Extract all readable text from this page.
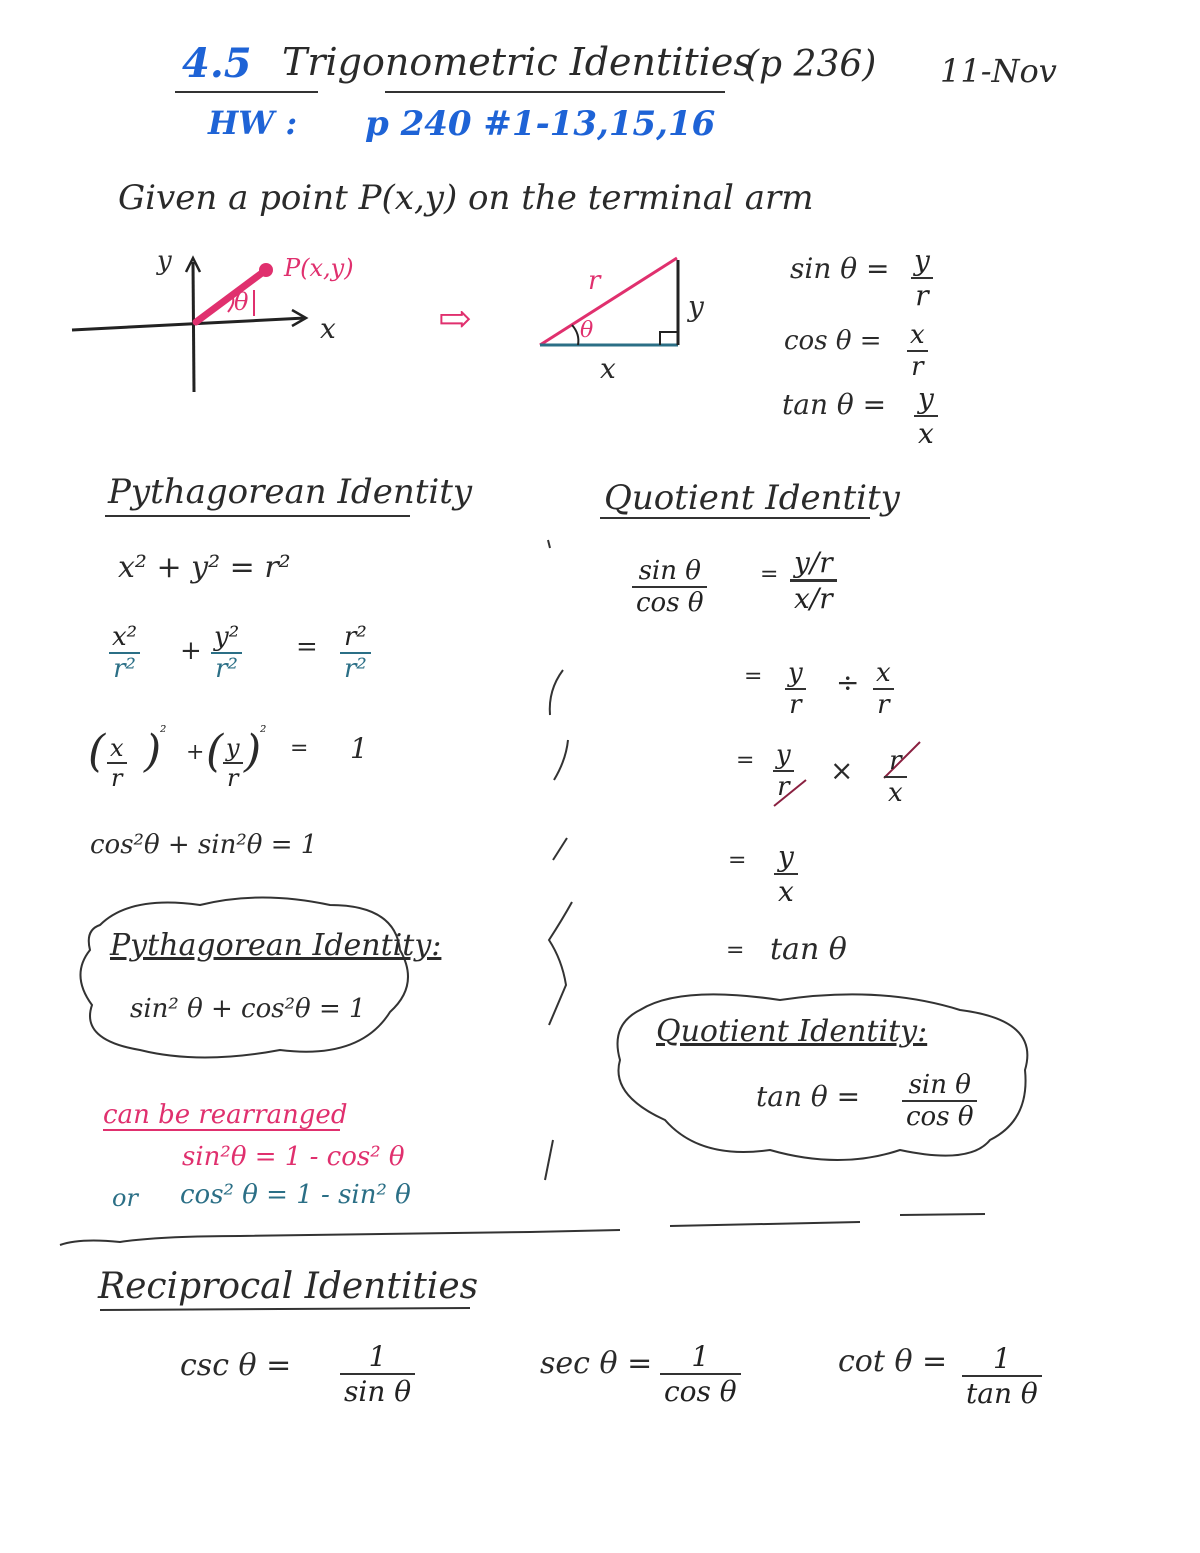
4.5 Trigonometric Identities
(p 236) 11-Nov
HW : p 240 #1-13,15,16
Given a point P(x,y) on the terminal arm
y
x
P(x,y)
θ	⇨
r
y
x
θ
$\sin \theta = \frac{y}{r}$
$\cos \theta = \frac{x}{r}$
$\tan \theta = \frac{y}{x}$
Pythagorean Identity
x² + y² = r²
$\frac{\text{x²}}{\text{r²}} + \frac{\text{y²}}{\text{r²}} = \frac{\text{r²}}{\text{r²}}$
( $\frac{x}{r}$ )
²
+ (
$\frac{y}{r}$ )
²
= 1
cos²θ + sin²θ = 1
Pythagorean Identity:
sin² θ + cos²θ = 1
can be rearranged
sin²θ = 1 - cos² θ
or cos² θ = 1 - sin² θ
Quotient Identity
$\frac{\text{sin θ}}{\text{cos θ}} = \frac{y/r}{x/r}$
= $\frac{y}{r} \div \frac{x}{r}$
= $\frac{y}{r} \times \frac{r}{x}$
= $\frac{y}{x}$
= tan θ
Quotient Identity:
$\tan \theta = \frac{\text{sin θ}}{\text{cos θ}}$
Reciprocal Identities
$\csc \theta = \frac{1}{\text{sin θ}}$	$\sec \theta = \frac{1}{\text{cos θ}}$	$\cot \theta = \frac{1}{\text{tan θ}}$
